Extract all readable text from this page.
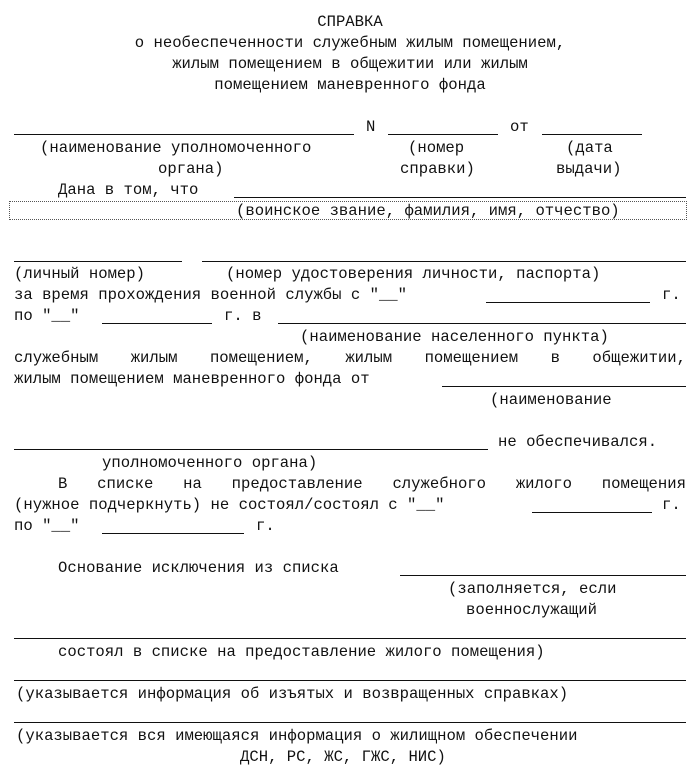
СПРАВКА
о необеспеченности служебным жилым помещением,
жилым помещением в общежитии или жилым
помещением маневренного фонда
N	от
(наименование уполномоченного
органа)
(номер
справки)
(дата
выдачи)
Дана в том, что
(воинское звание, фамилия, имя, отчество)
(личный номер)	(номер удостоверения личности, паспорта)
за время прохождения военной службы с "__"	г.
по "__"	г. в
(наименование населенного пункта)
служебным жилым помещением, жилым помещением в общежитии,
жилым помещением маневренного фонда от
(наименование
не обеспечивался.
уполномоченного органа)
В списке на предоставление служебного жилого помещения
(нужное подчеркнуть) не состоял/состоял с "__"	г.
по "__"	г.
Основание исключения из списка
(заполняется, если
военнослужащий
состоял в списке на предоставление жилого помещения)
(указывается информация об изъятых и возвращенных справках)
(указывается вся имеющаяся информация о жилищном обеспечении
ДСН, РС, ЖС, ГЖС, НИС)
